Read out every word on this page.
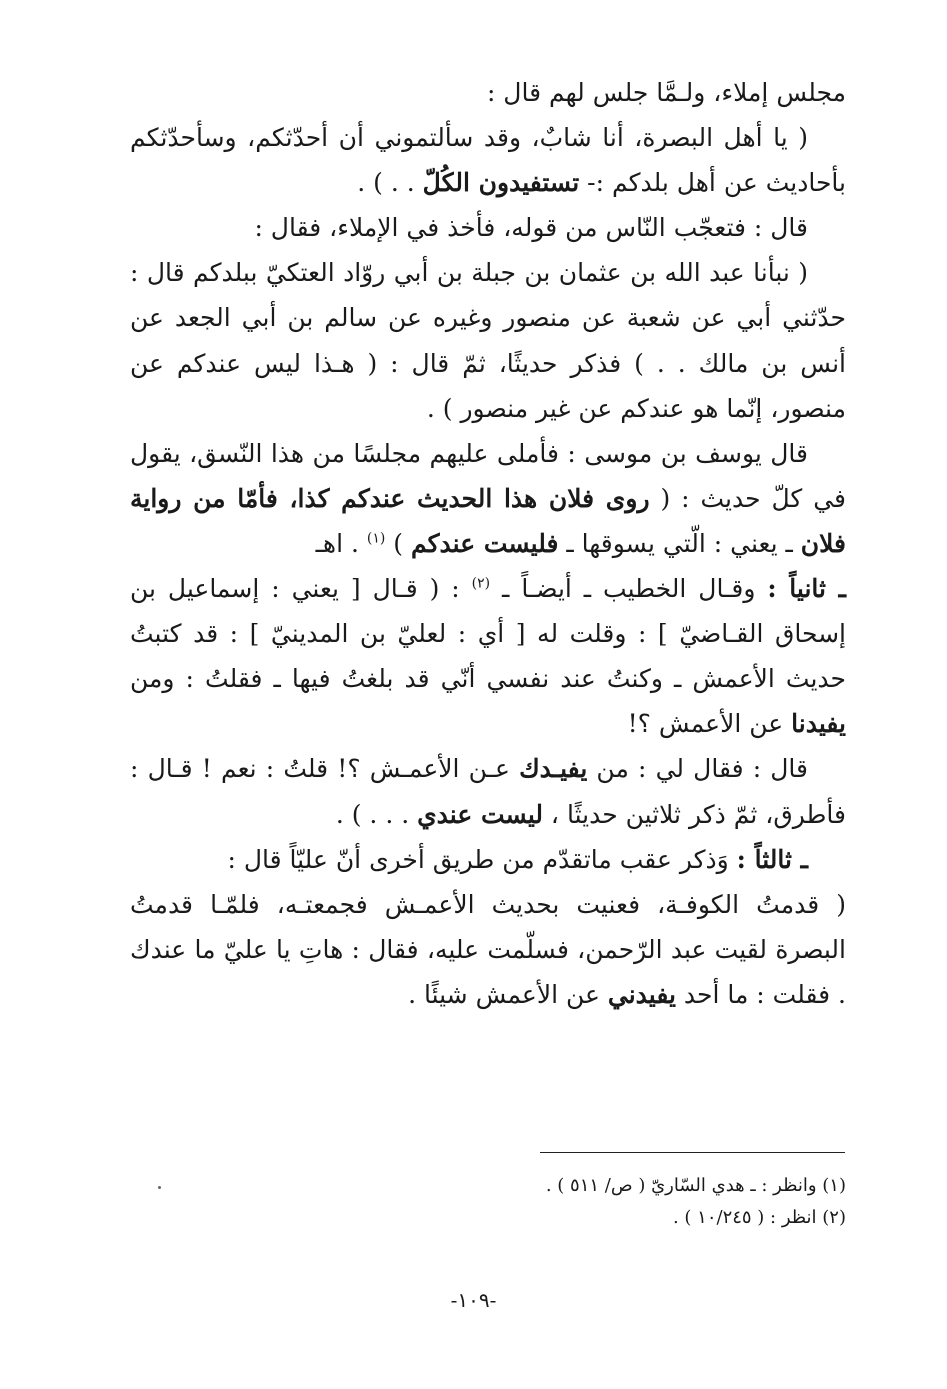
مجلس إملاء، ولـمَّا جلس لهم قال :

( يا أهل البصرة، أنا شابٌ، وقد سألتموني أن أحدّثكم، وسأحدّثكم بأحاديث عن أهل بلدكم :- تستفيدون الكُلّ . . ) .

قال : فتعجّب النّاس من قوله، فأخذ في الإملاء، فقال :

( نبأنا عبد الله بن عثمان بن جبلة بن أبي روّاد العتكيّ ببلدكم قال : حدّثني أبي عن شعبة عن منصور وغيره عن سالم بن أبي الجعد عن أنس بن مالك . . ) فذكر حديثًا، ثمّ قال : ( هـذا ليس عندكم عن منصور، إنّما هو عندكم عن غير منصور ) .

قال يوسف بن موسى : فأملى عليهم مجلسًا من هذا النّسق، يقول في كلّ حديث : ( روى فلان هذا الحديث عندكم كذا، فأمّا من رواية فلان ـ يعني : الّتي يسوقها ـ فليست عندكم ) $^{(١)}$ . اهـ

ـ ثانياً : وقـال الخطيب ـ أيضـاً ـ $^{(٢)}$ : ( قـال [ يعني : إسماعيل بن إسحاق القـاضيّ ] : وقلت له [ أي : لعليّ بن المدينيّ ] : قد كتبتُ حديث الأعمش ـ وكنتُ عند نفسي أنّي قد بلغتُ فيها ـ فقلتُ : ومن يفيدنا عن الأعمش ؟!

قال : فقال لي : من يفيـدك عـن الأعمـش ؟! قلتُ : نعم ! قـال : فأطرق، ثمّ ذكر ثلاثين حديثًا ، ليست عندي . . . ) .

ـ ثالثاً : وَذكر عقب ماتقدّم من طريق أخرى أنّ عليّاً قال :

( قدمتُ الكوفـة، فعنيت بحديث الأعمـش فجمعتـه، فلمّـا قدمتُ البصرة لقيت عبد الرّحمن، فسلّمت عليه، فقال : هاتِ يا عليّ ما عندك . فقلت : ما أحد يفيدني عن الأعمش شيئًا .

(١) وانظر : ـ هدي السّاريّ ( ص/ ٥١١ ) .

(٢) انظر : ( ١٠/٢٤٥ ) .

-١٠٩-
